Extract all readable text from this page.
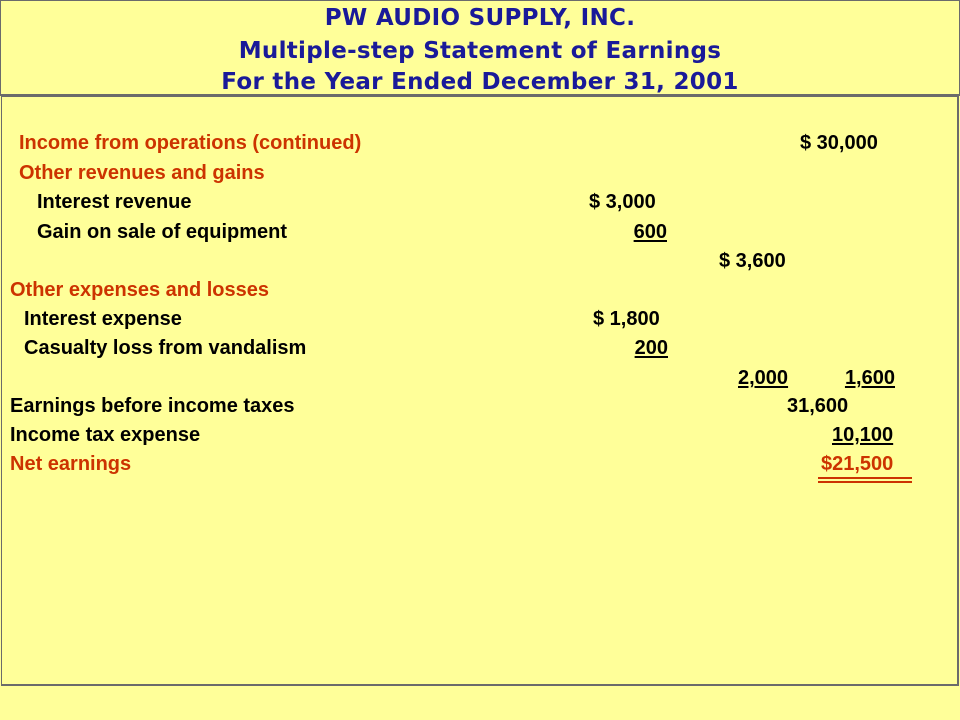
PW AUDIO SUPPLY, INC.
Multiple-step Statement of Earnings
For the Year Ended December 31, 2001
Income from operations (continued)	$ 30,000
Other revenues and gains
Interest revenue	$ 3,000
Gain on sale of equipment	600
$ 3,600
Other expenses and losses
Interest expense	$ 1,800
Casualty loss from vandalism	200
2,000	1,600
Earnings before income taxes	31,600
Income tax expense	10,100
Net earnings	$21,500
